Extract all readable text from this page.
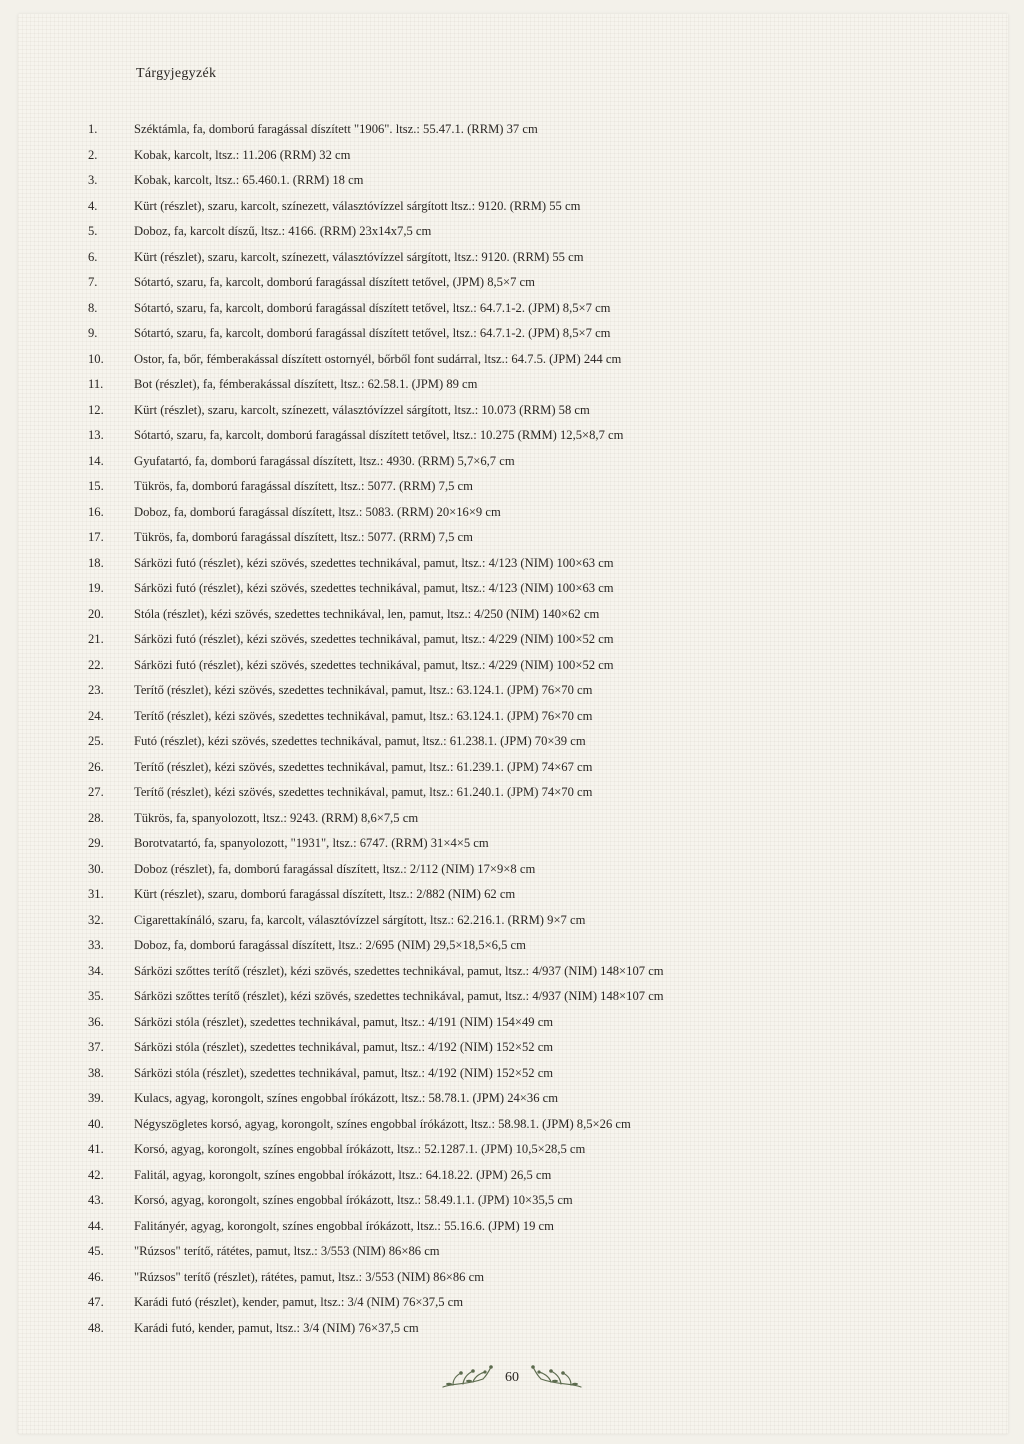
Tárgyjegyzék
1.	Széktámla, fa, domború faragással díszített "1906". ltsz.: 55.47.1. (RRM) 37 cm
2.	Kobak, karcolt, ltsz.: 11.206 (RRM) 32 cm
3.	Kobak, karcolt, ltsz.: 65.460.1. (RRM) 18 cm
4.	Kürt (részlet), szaru, karcolt, színezett, választóvízzel sárgított ltsz.: 9120. (RRM) 55 cm
5.	Doboz, fa, karcolt díszű, ltsz.: 4166. (RRM) 23x14x7,5 cm
6.	Kürt (részlet), szaru, karcolt, színezett, választóvízzel sárgított, ltsz.: 9120. (RRM) 55 cm
7.	Sótartó, szaru, fa, karcolt, domború faragással díszített tetővel, (JPM) 8,5×7 cm
8.	Sótartó, szaru, fa, karcolt, domború faragással díszített tetővel, ltsz.: 64.7.1-2. (JPM) 8,5×7 cm
9.	Sótartó, szaru, fa, karcolt, domború faragással díszített tetővel, ltsz.: 64.7.1-2. (JPM) 8,5×7 cm
10.	Ostor, fa, bőr, fémberakással díszített ostornyél, bőrből font sudárral, ltsz.: 64.7.5. (JPM) 244 cm
11.	Bot (részlet), fa, fémberakással díszített, ltsz.: 62.58.1. (JPM) 89 cm
12.	Kürt (részlet), szaru, karcolt, színezett, választóvízzel sárgított, ltsz.: 10.073 (RRM) 58 cm
13.	Sótartó, szaru, fa, karcolt, domború faragással díszített tetővel, ltsz.: 10.275 (RMM) 12,5×8,7 cm
14.	Gyufatartó, fa, domború faragással díszített, ltsz.: 4930. (RRM) 5,7×6,7 cm
15.	Tükrös, fa, domború faragással díszített, ltsz.: 5077. (RRM) 7,5 cm
16.	Doboz, fa, domború faragással díszített, ltsz.: 5083. (RRM) 20×16×9 cm
17.	Tükrös, fa, domború faragással díszített, ltsz.: 5077. (RRM) 7,5 cm
18.	Sárközi futó (részlet), kézi szövés, szedettes technikával, pamut, ltsz.: 4/123 (NIM) 100×63 cm
19.	Sárközi futó (részlet), kézi szövés, szedettes technikával, pamut, ltsz.: 4/123 (NIM) 100×63 cm
20.	Stóla (részlet), kézi szövés, szedettes technikával, len, pamut, ltsz.: 4/250 (NIM) 140×62 cm
21.	Sárközi futó (részlet), kézi szövés, szedettes technikával, pamut, ltsz.: 4/229 (NIM) 100×52 cm
22.	Sárközi futó (részlet), kézi szövés, szedettes technikával, pamut, ltsz.: 4/229 (NIM) 100×52 cm
23.	Terítő (részlet), kézi szövés, szedettes technikával, pamut, ltsz.: 63.124.1. (JPM) 76×70 cm
24.	Terítő (részlet), kézi szövés, szedettes technikával, pamut, ltsz.: 63.124.1. (JPM) 76×70 cm
25.	Futó (részlet), kézi szövés, szedettes technikával, pamut, ltsz.: 61.238.1. (JPM) 70×39 cm
26.	Terítő (részlet), kézi szövés, szedettes technikával, pamut, ltsz.: 61.239.1. (JPM) 74×67 cm
27.	Terítő (részlet), kézi szövés, szedettes technikával, pamut, ltsz.: 61.240.1. (JPM) 74×70 cm
28.	Tükrös, fa, spanyolozott, ltsz.: 9243. (RRM) 8,6×7,5 cm
29.	Borotvatartó, fa, spanyolozott, "1931", ltsz.: 6747. (RRM) 31×4×5 cm
30.	Doboz (részlet), fa, domború faragással díszített, ltsz.: 2/112 (NIM) 17×9×8 cm
31.	Kürt (részlet), szaru, domború faragással díszített, ltsz.: 2/882 (NIM) 62 cm
32.	Cigarettakínáló, szaru, fa, karcolt, választóvízzel sárgított, ltsz.: 62.216.1. (RRM) 9×7 cm
33.	Doboz, fa, domború faragással díszített, ltsz.: 2/695 (NIM) 29,5×18,5×6,5 cm
34.	Sárközi szőttes terítő (részlet), kézi szövés, szedettes technikával, pamut, ltsz.: 4/937 (NIM) 148×107 cm
35.	Sárközi szőttes terítő (részlet), kézi szövés, szedettes technikával, pamut, ltsz.: 4/937 (NIM) 148×107 cm
36.	Sárközi stóla (részlet), szedettes technikával, pamut, ltsz.: 4/191 (NIM) 154×49 cm
37.	Sárközi stóla (részlet), szedettes technikával, pamut, ltsz.: 4/192 (NIM) 152×52 cm
38.	Sárközi stóla (részlet), szedettes technikával, pamut, ltsz.: 4/192 (NIM) 152×52 cm
39.	Kulacs, agyag, korongolt, színes engobbal írókázott, ltsz.: 58.78.1. (JPM) 24×36 cm
40.	Négyszögletes korsó, agyag, korongolt, színes engobbal írókázott, ltsz.: 58.98.1. (JPM) 8,5×26 cm
41.	Korsó, agyag, korongolt, színes engobbal írókázott, ltsz.: 52.1287.1. (JPM) 10,5×28,5 cm
42.	Falitál, agyag, korongolt, színes engobbal írókázott, ltsz.: 64.18.22. (JPM) 26,5 cm
43.	Korsó, agyag, korongolt, színes engobbal írókázott, ltsz.: 58.49.1.1. (JPM) 10×35,5 cm
44.	Falitányér, agyag, korongolt, színes engobbal írókázott, ltsz.: 55.16.6. (JPM) 19 cm
45.	"Rúzsos" terítő, rátétes, pamut, ltsz.: 3/553 (NIM) 86×86 cm
46.	"Rúzsos" terítő (részlet), rátétes, pamut, ltsz.: 3/553 (NIM) 86×86 cm
47.	Karádi futó (részlet), kender, pamut, ltsz.: 3/4 (NIM) 76×37,5 cm
48.	Karádi futó, kender, pamut, ltsz.: 3/4 (NIM) 76×37,5 cm
60
